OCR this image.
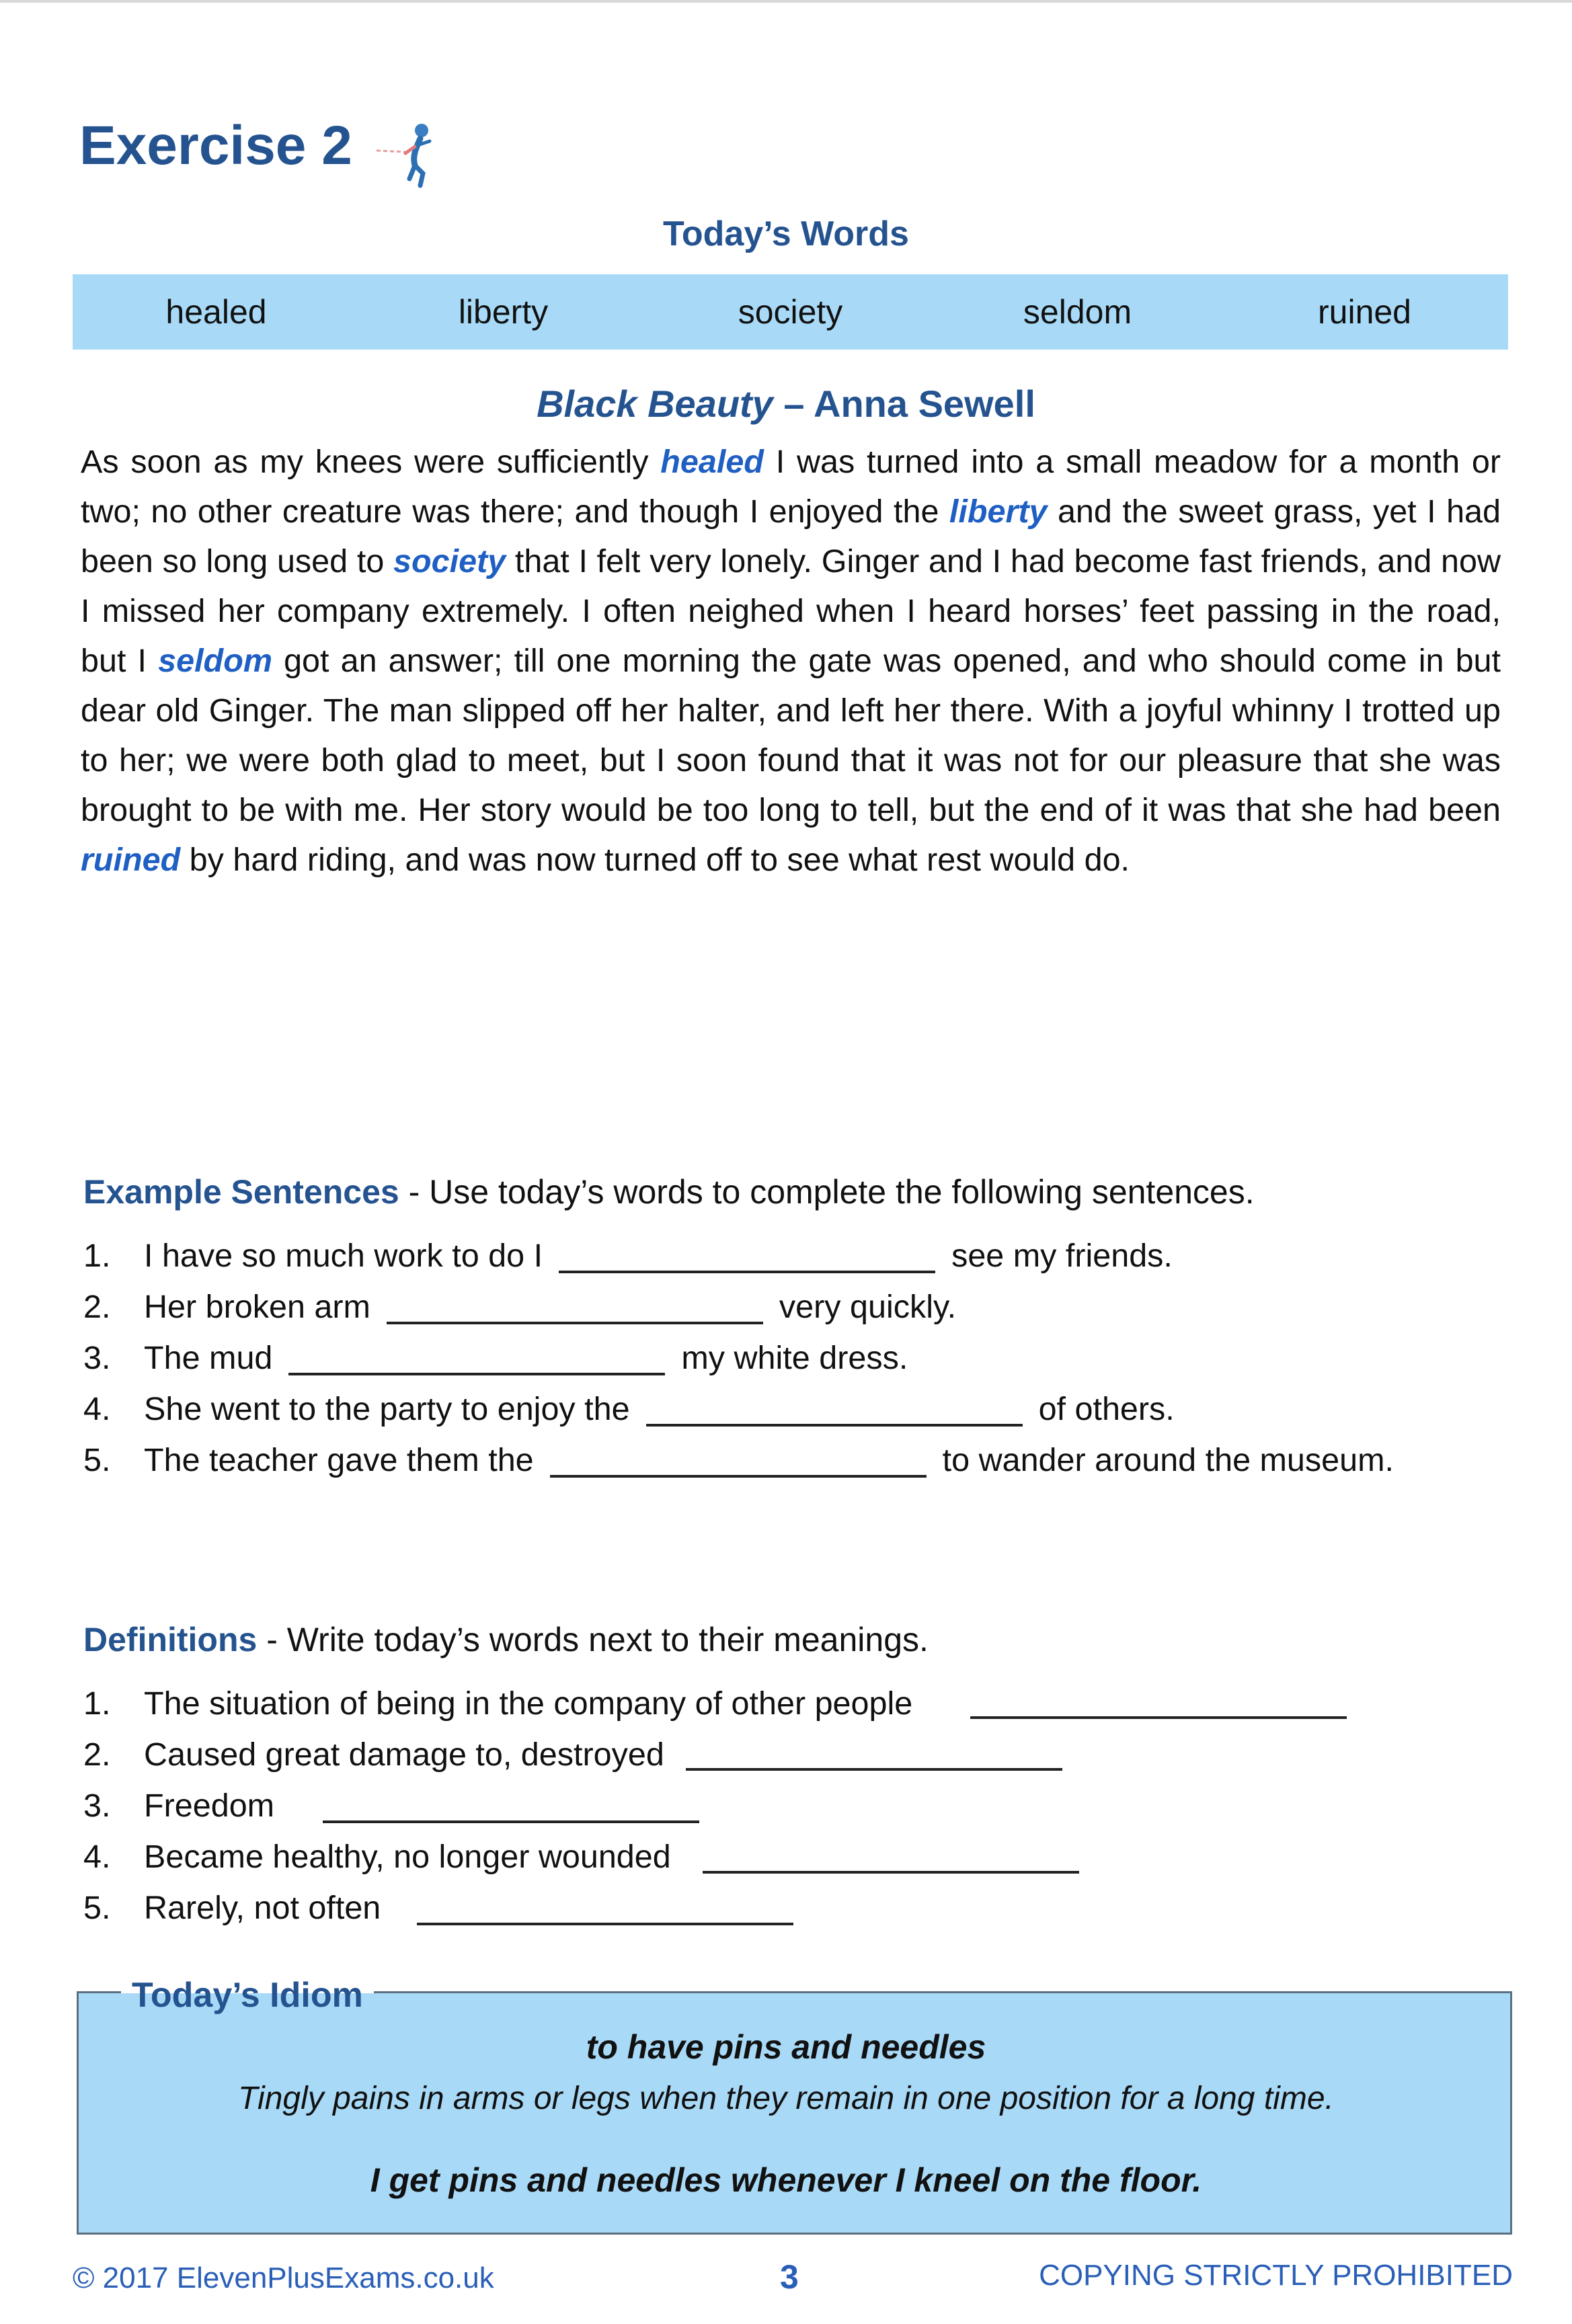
Exercise 2
Today’s Words
healed	liberty	society	seldom	ruined
Black Beauty – Anna Sewell
As soon as my knees were sufficiently healed I was turned into a small meadow for a month or two; no other creature was there; and though I enjoyed the liberty and the sweet grass, yet I had been so long used to society that I felt very lonely. Ginger and I had become fast friends, and now I missed her company extremely. I often neighed when I heard horses’ feet passing in the road, but I seldom got an answer; till one morning the gate was opened, and who should come in but dear old Ginger. The man slipped off her halter, and left her there. With a joyful whinny I trotted up to her; we were both glad to meet, but I soon found that it was not for our pleasure that she was brought to be with me. Her story would be too long to tell, but the end of it was that she had been ruined by hard riding, and was now turned off to see what rest would do.
Example Sentences - Use today’s words to complete the following sentences.
1. I have so much work to do I	see my friends.
2. Her broken arm	very quickly.
3. The mud	my white dress.
4. She went to the party to enjoy the	of others.
5. The teacher gave them the	to wander around the museum.
Definitions - Write today’s words next to their meanings.
1. The situation of being in the company of other people
2. Caused great damage to, destroyed
3. Freedom
4. Became healthy, no longer wounded
5. Rarely, not often
Today’s Idiom
to have pins and needles
Tingly pains in arms or legs when they remain in one position for a long time.
I get pins and needles whenever I kneel on the floor.
© 2017 ElevenPlusExams.co.uk	3	COPYING STRICTLY PROHIBITED
